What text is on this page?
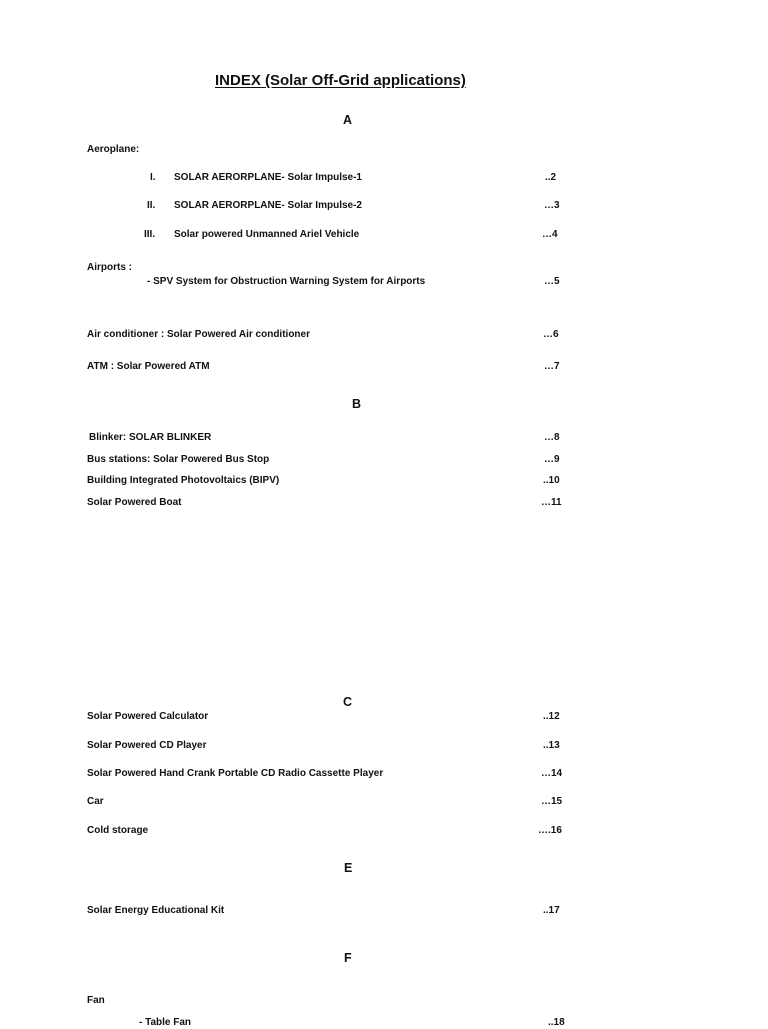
INDEX (Solar Off-Grid applications)
A
Aeroplane:
I. SOLAR AERORPLANE- Solar Impulse-1	..2
II. SOLAR AERORPLANE- Solar Impulse-2	…3
III. Solar powered Unmanned Ariel Vehicle	…4
Airports :
- SPV System for Obstruction Warning System for Airports	…5
Air conditioner : Solar Powered Air conditioner	…6
ATM : Solar Powered ATM	…7
B
Blinker: SOLAR BLINKER	…8
Bus stations: Solar Powered Bus Stop	…9
Building Integrated Photovoltaics (BIPV)	..10
Solar Powered Boat	…11
C
Solar Powered Calculator	..12
Solar Powered CD Player	..13
Solar Powered Hand Crank Portable CD Radio Cassette Player	…14
Car	…15
Cold storage	….16
E
Solar Energy Educational Kit	..17
F
Fan
- Table Fan	..18
